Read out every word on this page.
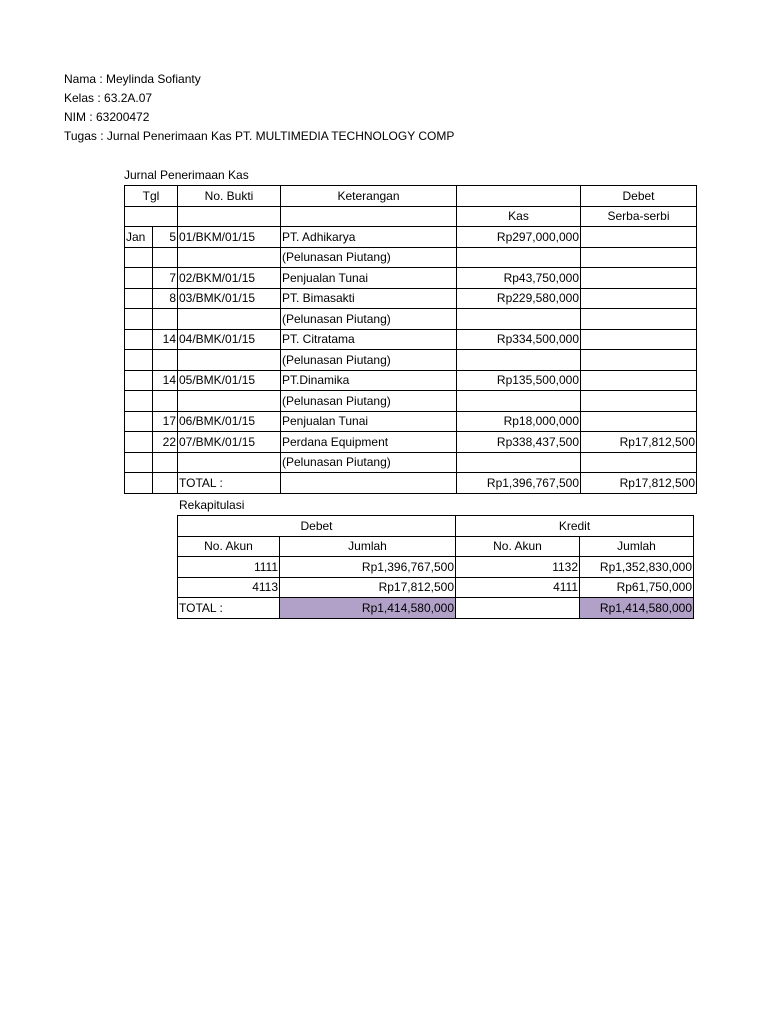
Nama : Meylinda Sofianty
Kelas : 63.2A.07
NIM : 63200472
Tugas : Jurnal Penerimaan Kas PT. MULTIMEDIA TECHNOLOGY COMP
Jurnal Penerimaan Kas
Tgl		No. Bukti	Keterangan		Debet
				Kas	Serba-serbi
Jan	5	01/BKM/01/15	PT. Adhikarya	Rp297,000,000	
			(Pelunasan Piutang)		
	7	02/BKM/01/15	Penjualan Tunai	Rp43,750,000	
	8	03/BMK/01/15	PT. Bimasakti	Rp229,580,000	
			(Pelunasan Piutang)		
	14	04/BMK/01/15	PT. Citratama	Rp334,500,000	
			(Pelunasan Piutang)		
	14	05/BMK/01/15	PT.Dinamika	Rp135,500,000	
			(Pelunasan Piutang)		
	17	06/BMK/01/15	Penjualan Tunai	Rp18,000,000	
	22	07/BMK/01/15	Perdana Equipment	Rp338,437,500	Rp17,812,500
			(Pelunasan Piutang)		
		TOTAL :		Rp1,396,767,500	Rp17,812,500
Rekapitulasi
Debet		Kredit	
No. Akun	Jumlah	No. Akun	Jumlah
1111	Rp1,396,767,500	1132	Rp1,352,830,000
4113	Rp17,812,500	4111	Rp61,750,000
TOTAL :	Rp1,414,580,000		Rp1,414,580,000
